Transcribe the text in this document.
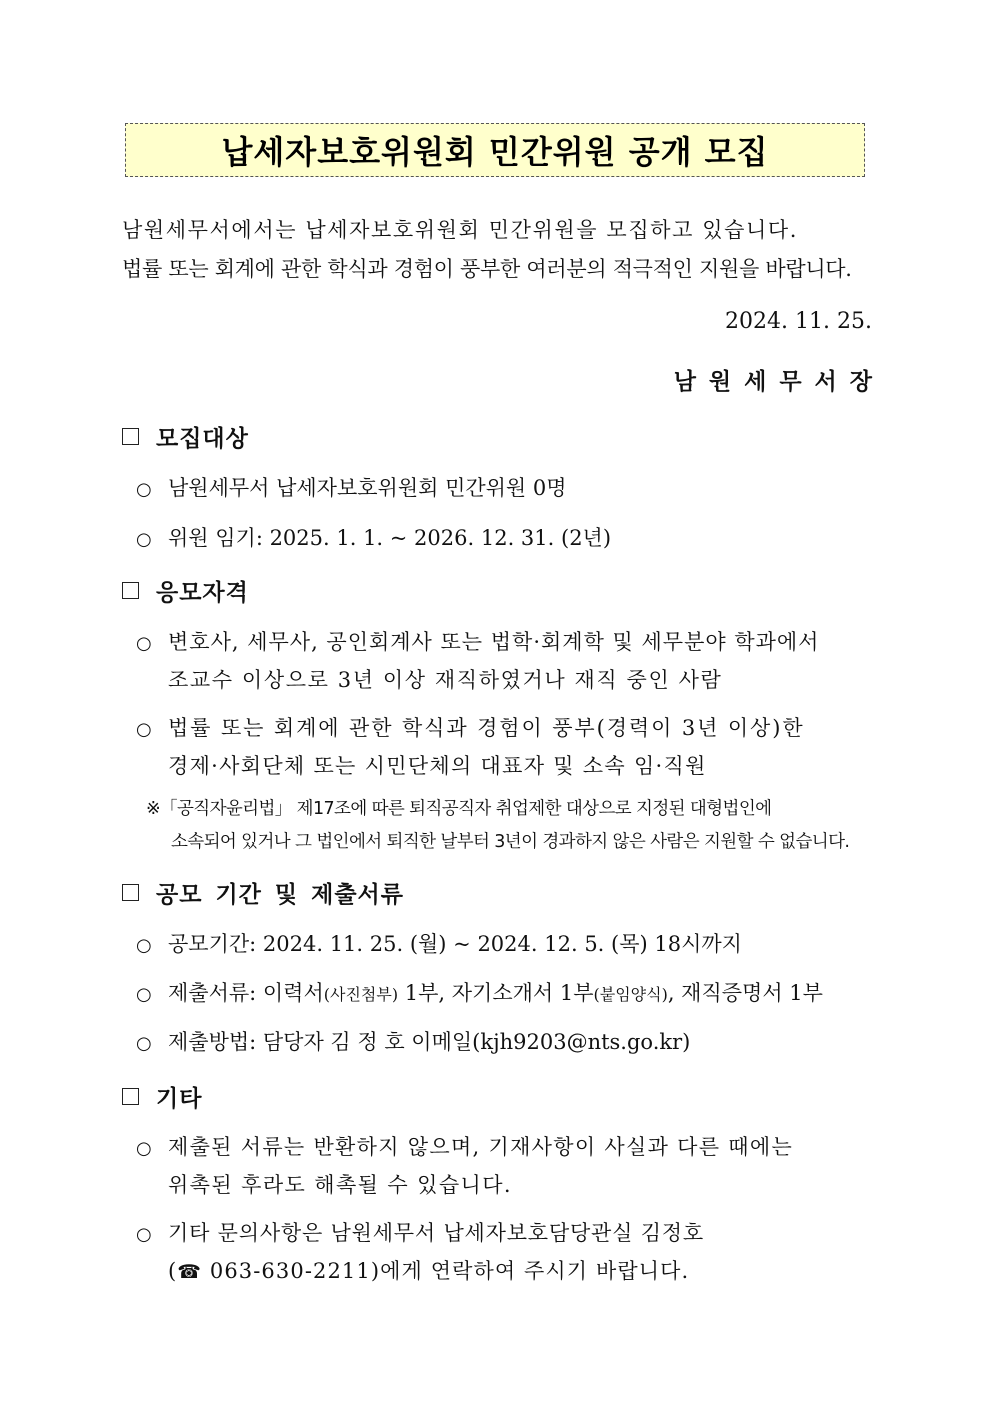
납세자보호위원회 민간위원 공개 모집
남원세무서에서는 납세자보호위원회 민간위원을 모집하고 있습니다.
법률 또는 회계에 관한 학식과 경험이 풍부한 여러분의 적극적인 지원을 바랍니다.
2024. 11. 25.
남원세무서장
모집대상
○ 남원세무서 납세자보호위원회 민간위원 0명
○ 위원 임기: 2025. 1. 1. ~ 2026. 12. 31. (2년)
응모자격
○ 변호사, 세무사, 공인회계사 또는 법학·회계학 및 세무분야 학과에서
조교수 이상으로 3년 이상 재직하였거나 재직 중인 사람
○ 법률 또는 회계에 관한 학식과 경험이 풍부(경력이 3년 이상)한
경제·사회단체 또는 시민단체의 대표자 및 소속 임·직원
※「공직자윤리법」 제17조에 따른 퇴직공직자 취업제한 대상으로 지정된 대형법인에
소속되어 있거나 그 법인에서 퇴직한 날부터 3년이 경과하지 않은 사람은 지원할 수 없습니다.
공모 기간 및 제출서류
○ 공모기간: 2024. 11. 25. (월) ~ 2024. 12. 5. (목) 18시까지
○ 제출서류: 이력서(사진첨부) 1부, 자기소개서 1부(붙임양식), 재직증명서 1부
○ 제출방법: 담당자 김 정 호 이메일(kjh9203@nts.go.kr)
기타
○ 제출된 서류는 반환하지 않으며, 기재사항이 사실과 다른 때에는
위촉된 후라도 해촉될 수 있습니다.
○ 기타 문의사항은 남원세무서 납세자보호담당관실 김정호
(☎ 063-630-2211)에게 연락하여 주시기 바랍니다.
